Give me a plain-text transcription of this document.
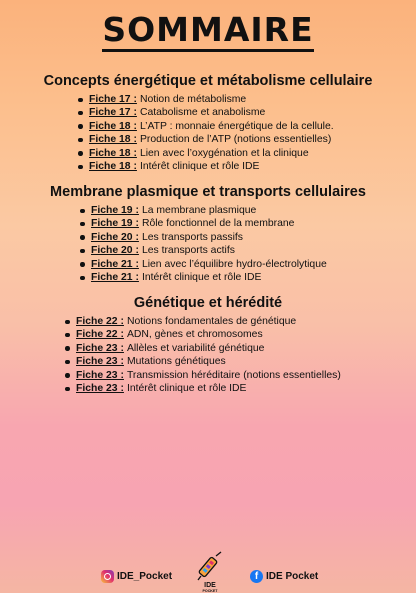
SOMMAIRE
Concepts énergétique et métabolisme cellulaire
Fiche 17 : Notion de métabolisme
Fiche 17 : Catabolisme et anabolisme
Fiche 18 : L’ATP : monnaie énergétique de la cellule.
Fiche 18 : Production de l’ATP (notions essentielles)
Fiche 18 : Lien avec l’oxygénation et la clinique
Fiche 18 : Intérêt clinique et rôle IDE
Membrane plasmique et transports cellulaires
Fiche 19 : La membrane plasmique
Fiche 19 : Rôle fonctionnel de la membrane
Fiche 20 : Les transports passifs
Fiche 20 : Les transports actifs
Fiche 21 : Lien avec l’équilibre hydro-électrolytique
Fiche 21 : Intérêt clinique et rôle IDE
Génétique et hérédité
Fiche 22 : Notions fondamentales de génétique
Fiche 22 : ADN, gènes et chromosomes
Fiche 23 : Allèles et variabilité génétique
Fiche 23 : Mutations génétiques
Fiche 23 : Transmission héréditaire (notions essentielles)
Fiche 23 : Intérêt clinique et rôle IDE
IDE_Pocket
IDE
POCKET
f IDE Pocket
